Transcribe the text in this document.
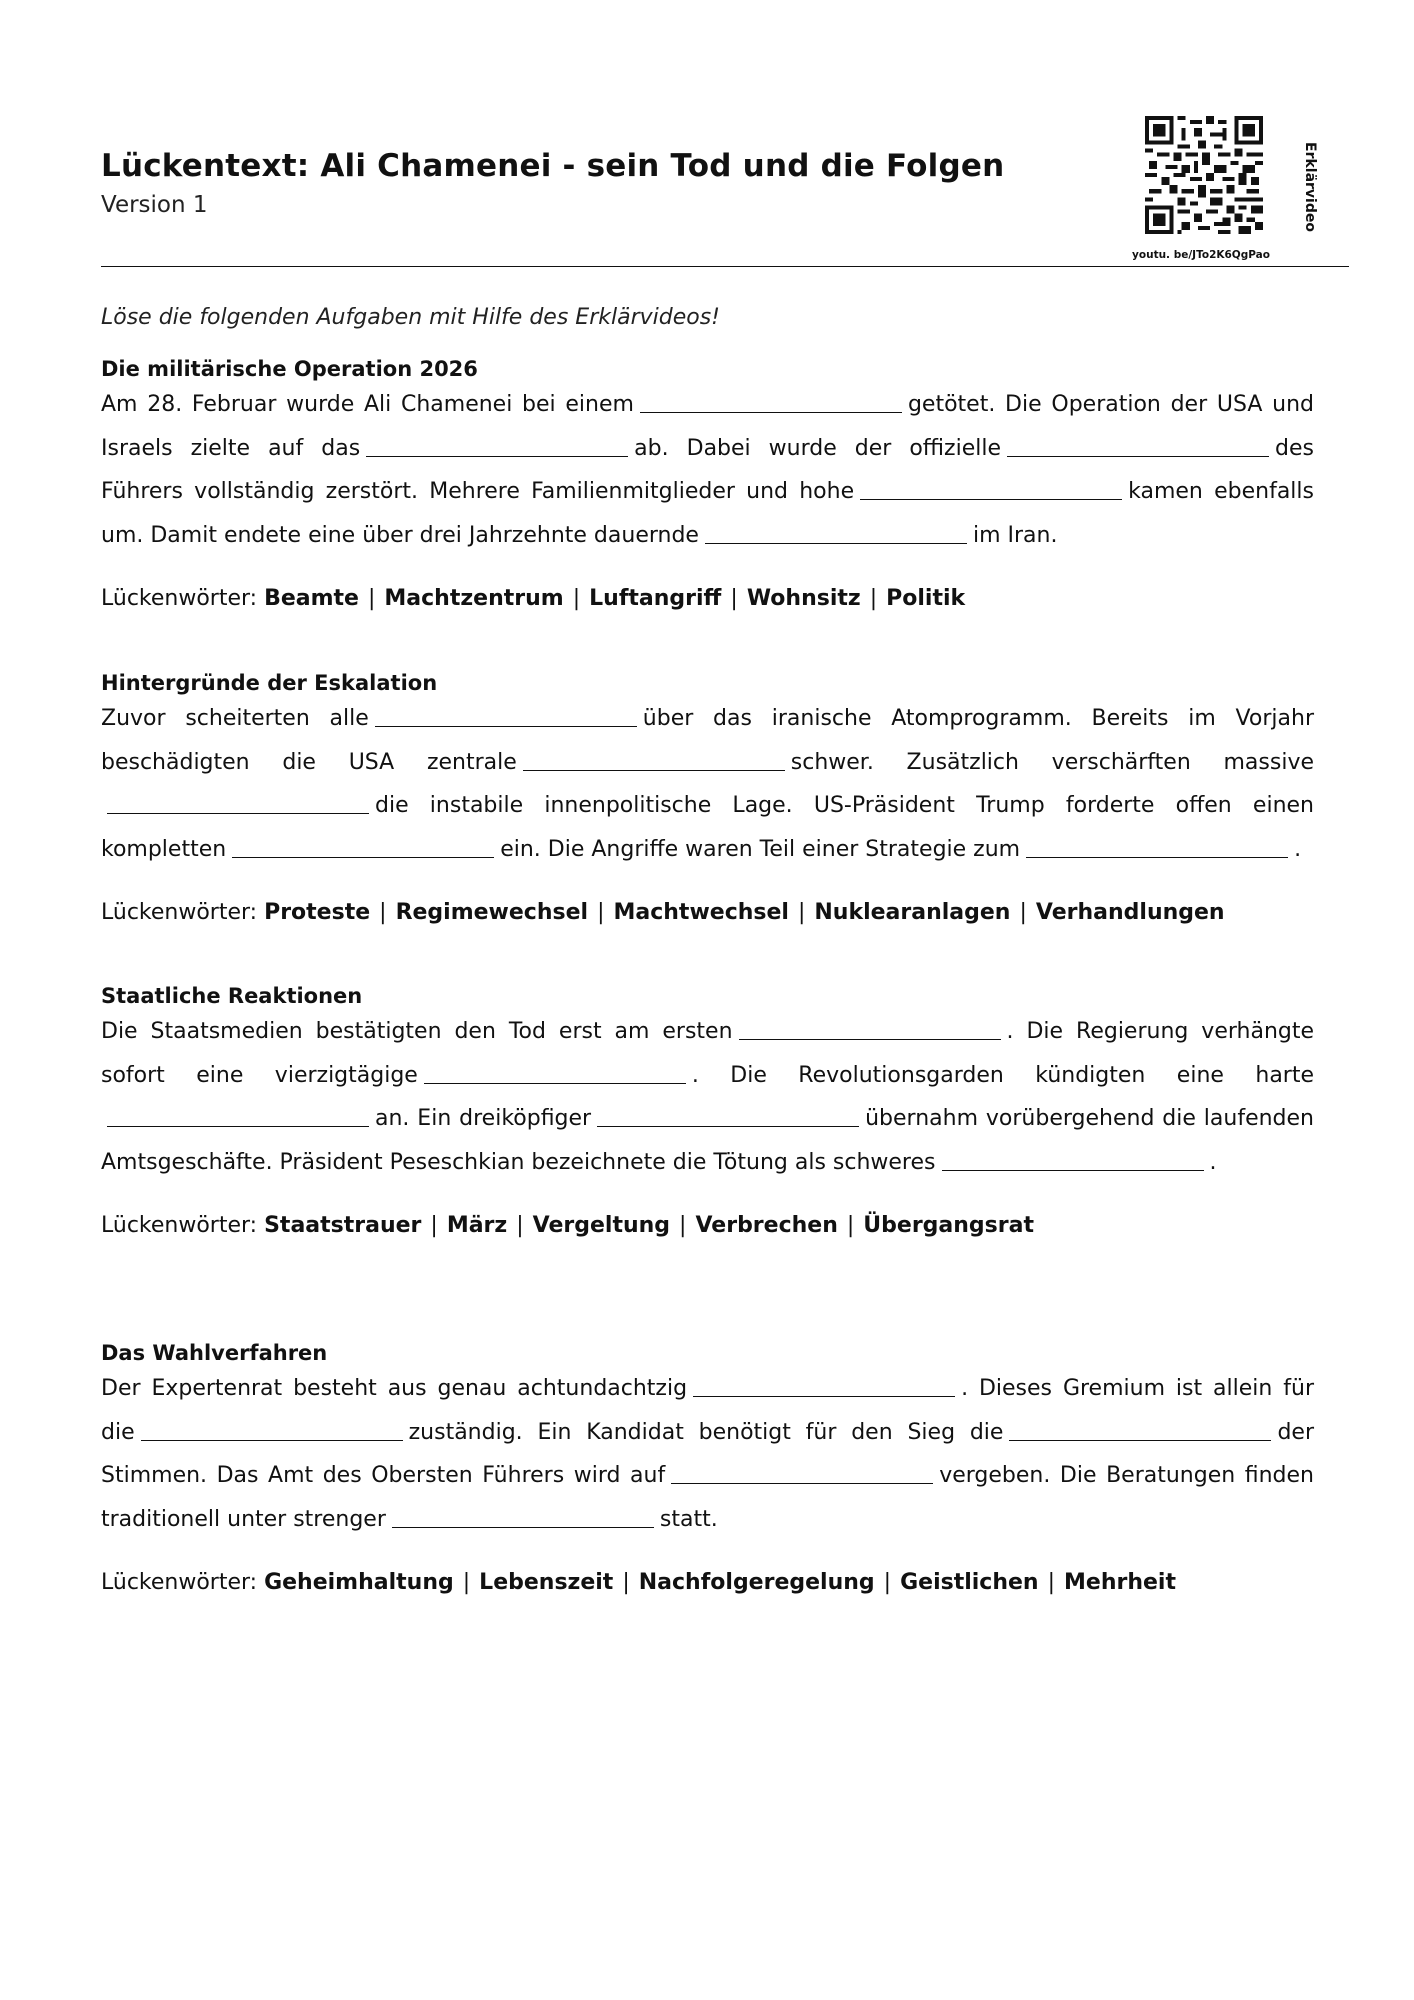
Lückentext: Ali Chamenei - sein Tod und die Folgen
Version 1
youtu. be/JTo2K6QgPao
Erklärvideo
Löse die folgenden Aufgaben mit Hilfe des Erklärvideos!

Die militärische Operation 2026

Am 28. Februar wurde Ali Chamenei bei einem	getötet. Die Operation der USA und Israels zielte auf das	ab. Dabei wurde der offizielle	des Führers vollständig zerstört. Mehrere Familienmitglieder und hohe	kamen ebenfalls um. Damit endete eine über drei Jahrzehnte dauernde	im Iran.

Lückenwörter: Beamte | Machtzentrum | Luftangriff | Wohnsitz | Politik

Hintergründe der Eskalation

Zuvor scheiterten alle	über das iranische Atomprogramm. Bereits im Vorjahr beschädigten die USA zentrale	schwer. Zusätzlich verschärften massivedie instabile innenpolitische Lage. US-Präsident Trump forderte offen einen kompletten	ein. Die Angriffe waren Teil einer Strategie zum	.

Lückenwörter: Proteste | Regimewechsel | Machtwechsel | Nuklearanlagen | Verhandlungen

Staatliche Reaktionen

Die Staatsmedien bestätigten den Tod erst am ersten	. Die Regierung verhängte sofort eine vierzigtägige	. Die Revolutionsgarden kündigten eine hartean. Ein dreiköpfiger	übernahm vorübergehend die laufenden Amtsgeschäfte. Präsident Peseschkian bezeichnete die Tötung als schweres	.

Lückenwörter: Staatstrauer | März | Vergeltung | Verbrechen | Übergangsrat

Das Wahlverfahren

Der Expertenrat besteht aus genau achtundachtzig	. Dieses Gremium ist allein für die	zuständig. Ein Kandidat benötigt für den Sieg die	der Stimmen. Das Amt des Obersten Führers wird auf	vergeben. Die Beratungen finden traditionell unter strenger	statt.

Lückenwörter: Geheimhaltung | Lebenszeit | Nachfolgeregelung | Geistlichen | Mehrheit
